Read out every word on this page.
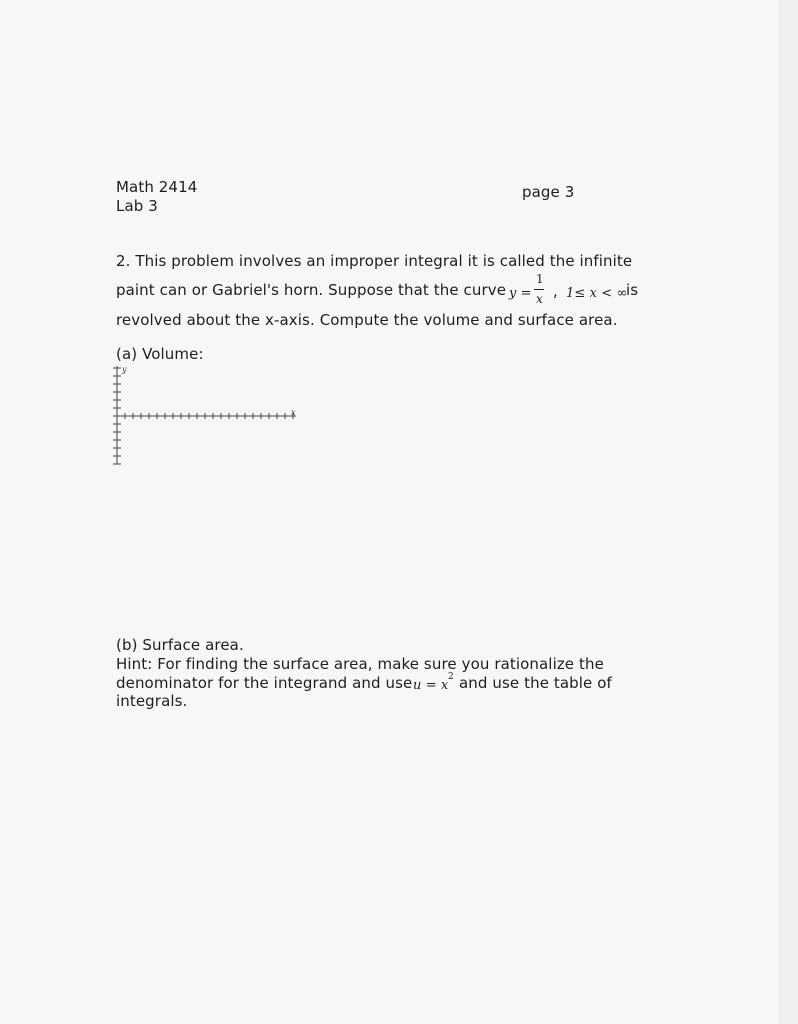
Math 2414
Lab 3
page 3
2. This problem involves an improper integral it is called the infinite
paint can or Gabriel's horn. Suppose that the curve y =
1
x , 1≤ x < ∞
is
revolved about the x-axis. Compute the volume and surface area.
(a) Volume:
y
x
(b) Surface area.
Hint: For finding the surface area, make sure you rationalize the
denominator for the integrand and use u = x
2 and use the table of
integrals.
